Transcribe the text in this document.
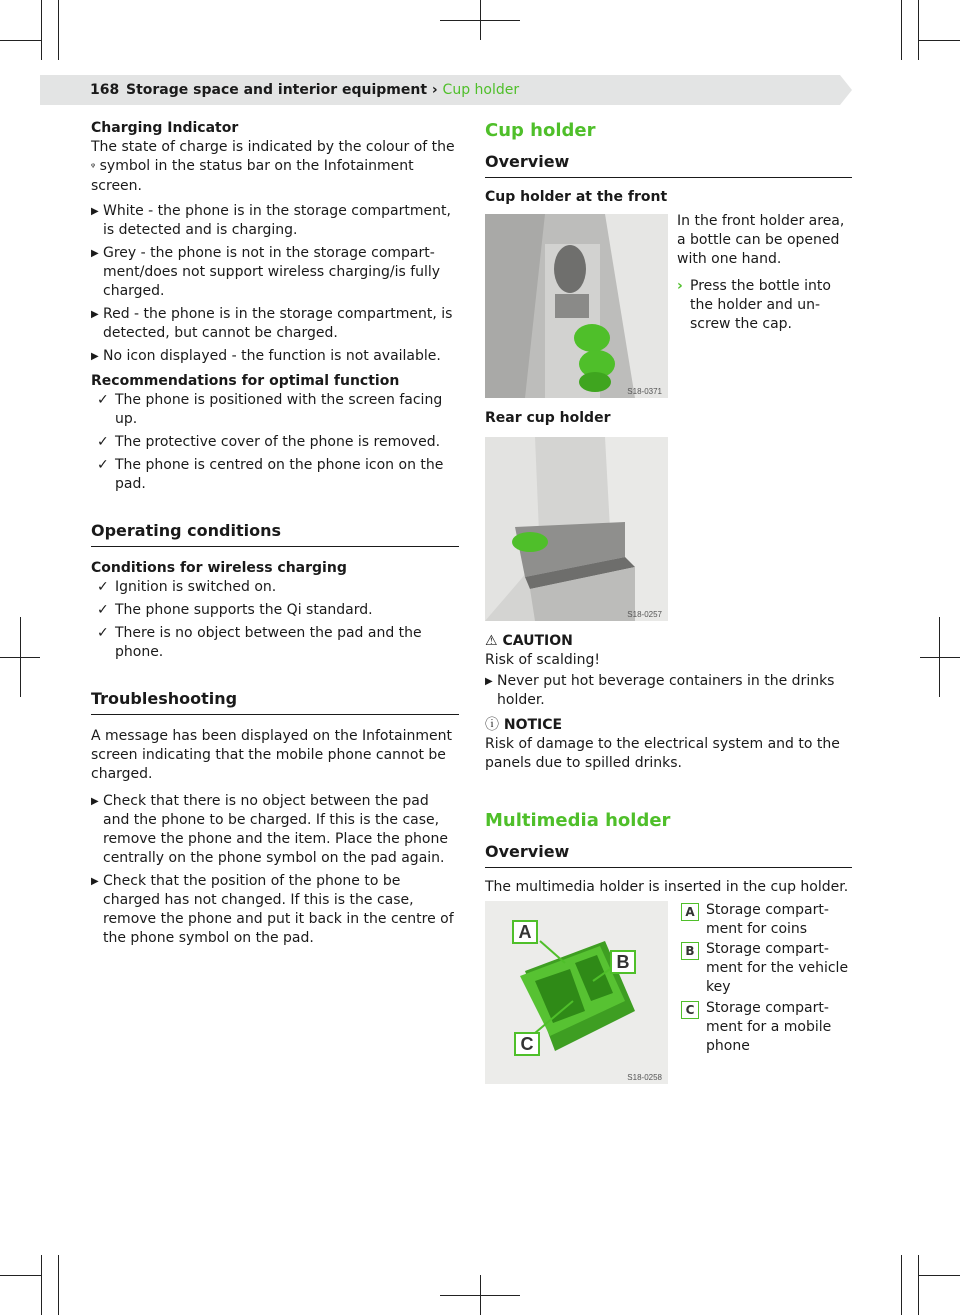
168 Storage space and interior equipment › Cup holder

Charging Indicator

The state of charge is indicated by the colour of the
ᵠ symbol in the status bar on the Infotainment screen.

▶ White - the phone is in the storage compartment, is detected and is charging.
▶ Grey - the phone is not in the storage compartment/does not support wireless charging/is fully charged.
▶ Red - the phone is in the storage compartment, is detected, but cannot be charged.
▶ No icon displayed - the function is not available.

Recommendations for optimal function

✓ The phone is positioned with the screen facing up.
✓ The protective cover of the phone is removed.
✓ The phone is centred on the phone icon on the pad.
Operating conditions

Conditions for wireless charging

✓ Ignition is switched on.
✓ The phone supports the Qi standard.
✓ There is no object between the pad and the phone.
Troubleshooting

A message has been displayed on the Infotainment screen indicating that the mobile phone cannot be charged.

▶ Check that there is no object between the pad and the phone to be charged. If this is the case, remove the phone and the item. Place the phone centrally on the phone symbol on the pad again.
▶ Check that the position of the phone to be charged has not changed. If this is the case, remove the phone and put it back in the centre of the phone symbol on the pad.
Cup holder
Overview

Cup holder at the front

S18-0371

In the front holder area, a bottle can be opened with one hand.

› Press the bottle into the holder and unscrew the cap.

Rear cup holder

S18-0257

⚠ CAUTION

Risk of scalding!

▶ Never put hot beverage containers in the drinks holder.

ⓘ NOTICE

Risk of damage to the electrical system and to the panels due to spilled drinks.

Multimedia holder
Overview

The multimedia holder is inserted in the cup holder.

A
B
C
S18-0258
A Storage compartment for coins
B Storage compartment for the vehicle key
C Storage compartment for a mobile phone
